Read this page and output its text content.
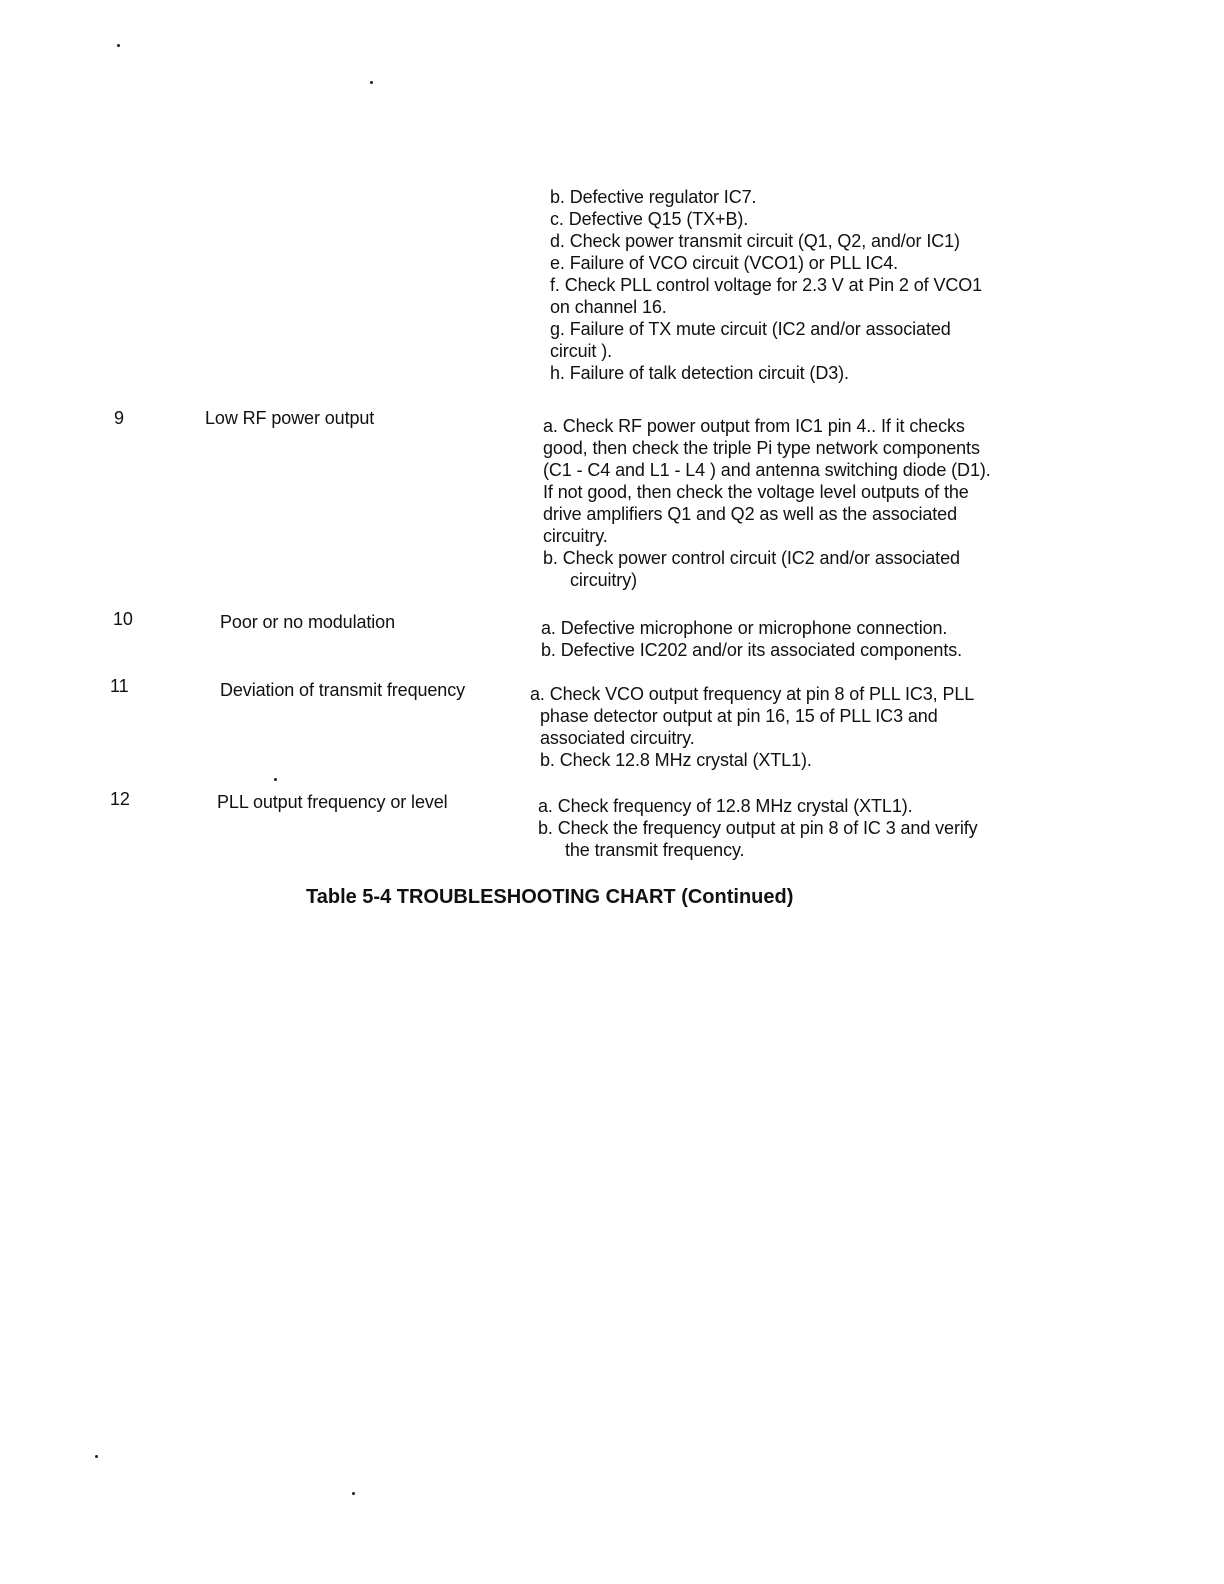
b. Defective regulator IC7.
c. Defective Q15 (TX+B).
d. Check power transmit circuit (Q1, Q2, and/or IC1)
e. Failure of VCO circuit (VCO1) or PLL IC4.
f. Check PLL control voltage for 2.3 V at Pin 2 of VCO1
on channel 16.
g. Failure of TX mute circuit (IC2 and/or associated
circuit ).
h. Failure of talk detection circuit (D3).
9	Low RF power output	a. Check RF power output from IC1 pin 4.. If it checks
good, then check the triple Pi type network components
(C1 - C4 and L1 - L4 ) and antenna switching diode (D1).
If not good, then check the voltage level outputs of the
drive amplifiers Q1 and Q2 as well as the associated
circuitry.
b. Check power control circuit (IC2 and/or associated
circuitry)
10	Poor or no modulation	a. Defective microphone or microphone connection.
b. Defective IC202 and/or its associated components.
11	Deviation of transmit frequency	a. Check VCO output frequency at pin 8 of PLL IC3, PLL
phase detector output at pin 16, 15 of PLL IC3 and
associated circuitry.
b. Check 12.8 MHz crystal (XTL1).
12	PLL output frequency or level	a. Check frequency of 12.8 MHz crystal (XTL1).
b. Check the frequency output at pin 8 of IC 3 and verify
the transmit frequency.
Table 5-4 TROUBLESHOOTING CHART (Continued)
